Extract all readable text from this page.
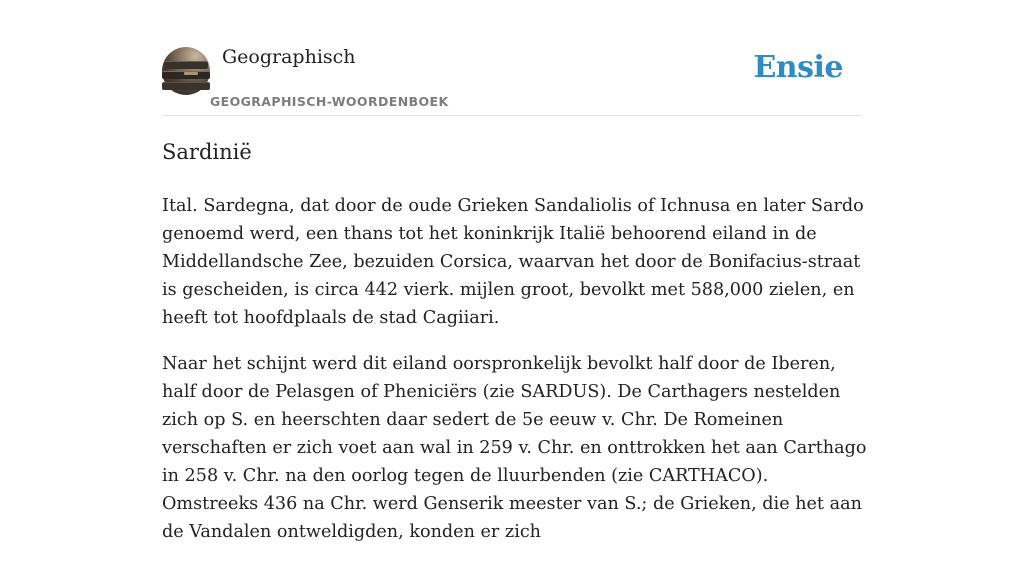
Geographisch
GEOGRAPHISCH-WOORDENBOEK
Ensie
Sardinië

Ital. Sardegna, dat door de oude Grieken Sandaliolis of Ichnusa en later Sardo genoemd werd, een thans tot het koninkrijk Italië behoorend eiland in de Middellandsche Zee, bezuiden Corsica, waarvan het door de Bonifacius-straat is gescheiden, is circa 442 vierk. mijlen groot, bevolkt met 588,000 zielen, en heeft tot hoofdplaals de stad Cagiiari.

Naar het schijnt werd dit eiland oorspronkelijk bevolkt half door de Iberen, half door de Pelasgen of Pheniciërs (zie SARDUS). De Carthagers nestelden zich op S. en heerschten daar sedert de 5e eeuw v. Chr. De Romeinen verschaften er zich voet aan wal in 259 v. Chr. en onttrokken het aan Carthago in 258 v. Chr. na den oorlog tegen de lluurbenden (zie CARTHACO). Omstreeks 436 na Chr. werd Genserik meester van S.; de Grieken, die het aan de Vandalen ontweldigden, konden er zich
